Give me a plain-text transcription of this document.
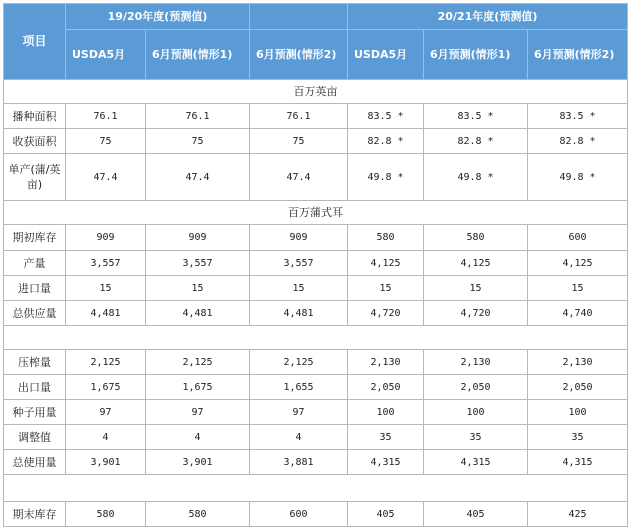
项目	19/20年度(预测值)			20/21年度(预测值)		
	USDA5月	6月预测(情形1)	6月预测(情形2)	USDA5月	6月预测(情形1)	6月预测(情形2)
百万英亩						
播种面积	76.1	76.1	76.1	83.5 *	83.5 *	83.5 *
收获面积	75	75	75	82.8 *	82.8 *	82.8 *
单产(蒲/英亩)	47.4	47.4	47.4	49.8 *	49.8 *	49.8 *
百万蒲式耳						
期初库存	909	909	909	580	580	600
产量	3,557	3,557	3,557	4,125	4,125	4,125
进口量	15	15	15	15	15	15
总供应量	4,481	4,481	4,481	4,720	4,720	4,740

压榨量	2,125	2,125	2,125	2,130	2,130	2,130
出口量	1,675	1,675	1,655	2,050	2,050	2,050
种子用量	97	97	97	100	100	100
调整值	4	4	4	35	35	35
总使用量	3,901	3,901	3,881	4,315	4,315	4,315

期末库存	580	580	600	405	405	425
